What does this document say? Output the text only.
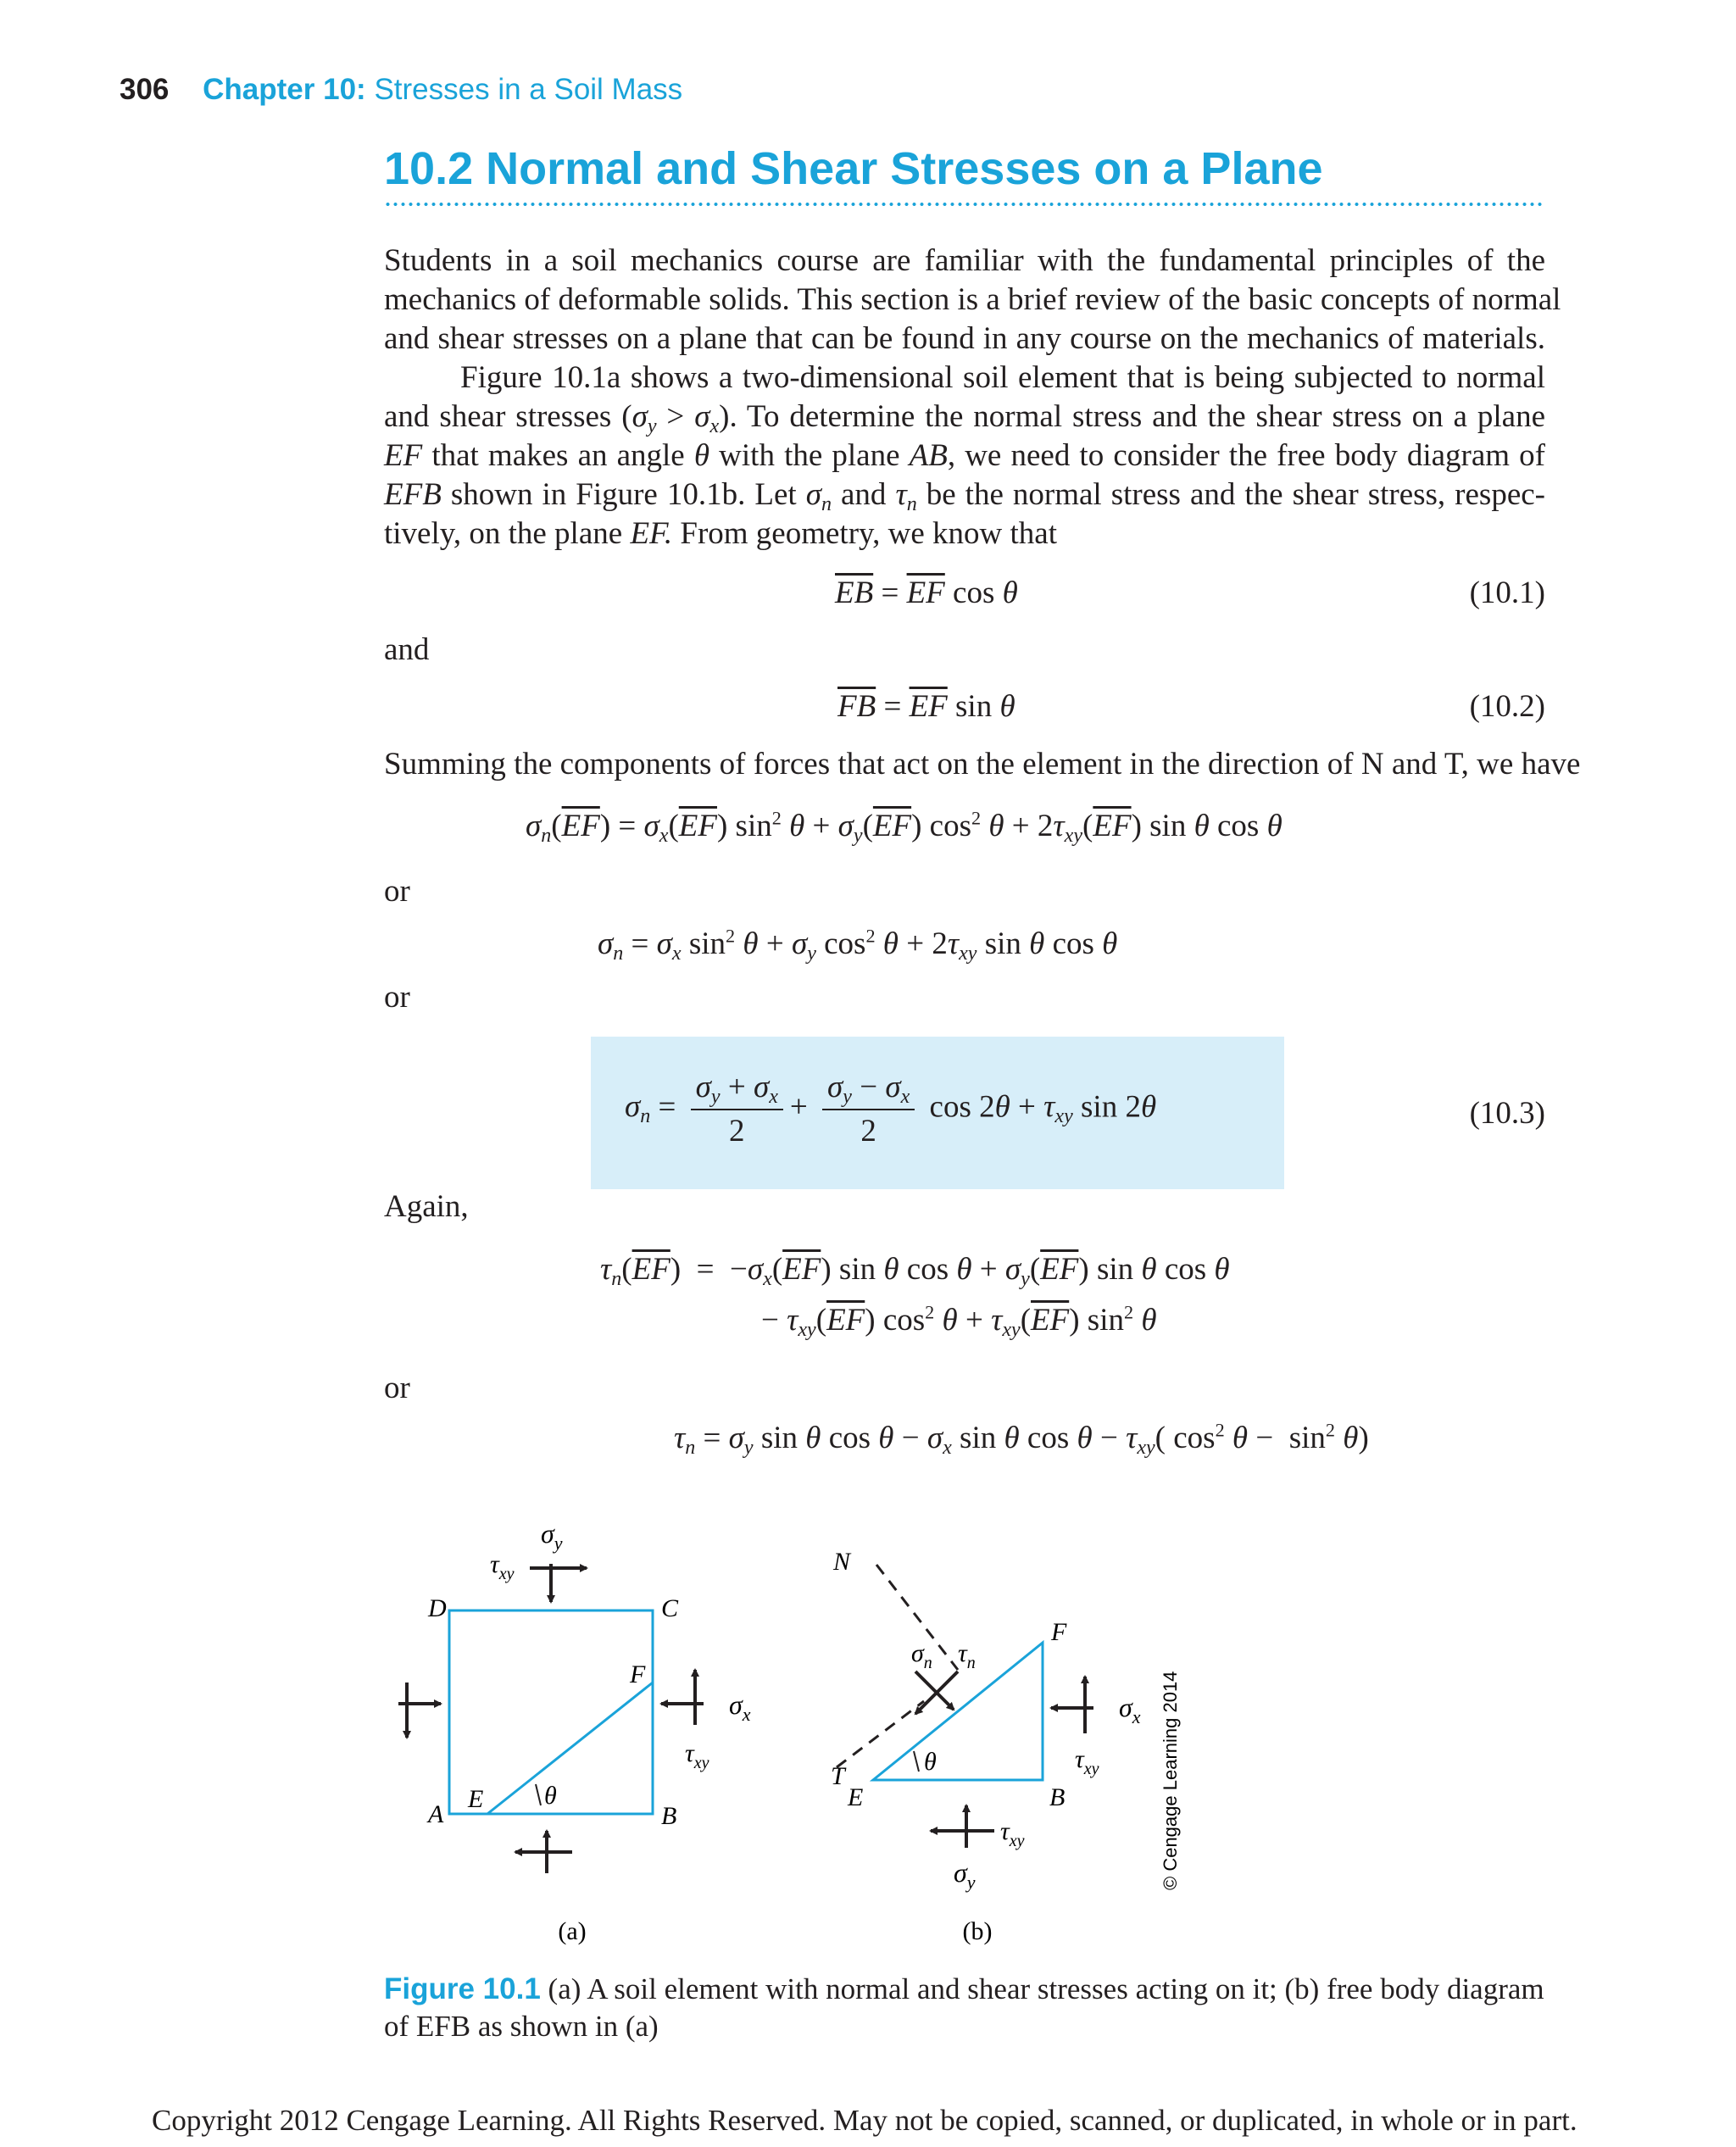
306 Chapter 10: Stresses in a Soil Mass
10.2 Normal and Shear Stresses on a Plane
Students in a soil mechanics course are familiar with the fundamental principles of the
mechanics of deformable solids. This section is a brief review of the basic concepts of normal
and shear stresses on a plane that can be found in any course on the mechanics of materials.
Figure 10.1a shows a two-dimensional soil element that is being subjected to normal
and shear stresses $(\sigma_y > \sigma_x)$. To determine the normal stress and the shear stress on a plane
EF that makes an angle θ with the plane AB, we need to consider the free body diagram of
EFB shown in Figure 10.1b. Let $\sigma_n$ and $\tau_n$ be the normal stress and the shear stress, respec-
tively, on the plane EF. From geometry, we know that
$\overline{EB} = \overline{EF}$ cos θ	(10.1)
and
$\overline{FB} = \overline{EF}$ sin θ	(10.2)
Summing the components of forces that act on the element in the direction of N and T, we have
$\sigma_n(\overline{EF}) = \sigma_x(\overline{EF})$ $\sin^2 \theta + \sigma_y(\overline{EF})$ $\cos^2 \theta + 2\tau_{xy}(\overline{EF})$ sin θ cos θ
or
$\sigma_n = \sigma_x$ $\sin^2 \theta + \sigma_y$ $\cos^2 \theta + 2\tau_{xy}$ sin θ cos θ
or
$\sigma_n = \frac{\sigma_y + \sigma_x}{2} + \frac{\sigma_y - \sigma_x}{2}$ $\cos 2\theta + \tau_{xy}$ sin 2θ	(10.3)
Again,
$\tau_n(\overline{EF}) = -\sigma_x(\overline{EF})$ sin θ $\cos \theta + \sigma_y(\overline{EF})$ sin θ cos θ
− $\tau_{xy}(\overline{EF})$ $\cos^2 \theta + \tau_{xy}(\overline{EF})$ $\sin^2 \theta$
or
$\tau_n = \sigma_y$ sin θ $\cos \theta - \sigma_x$ sin θ $\cos \theta - \tau_{xy}$( $\cos^2 \theta - \sin^2 \theta$)
D	C
A	B
E
F
θ
$\sigma_y$
$\tau_{xy}$
$\sigma_x$
$\tau_{xy}$	T
E
F
B
N
$\sigma_n$ $\tau_n$
θ
$\sigma_y$
$\tau_{xy}$
$\sigma_x$
$\tau_{xy}$
(a)	(b)
© Cengage Learning 2014
Figure 10.1 (a) A soil element with normal and shear stresses acting on it; (b) free body diagram
of EFB as shown in (a)
Copyright 2012 Cengage Learning. All Rights Reserved. May not be copied, scanned, or duplicated, in whole or in part.
